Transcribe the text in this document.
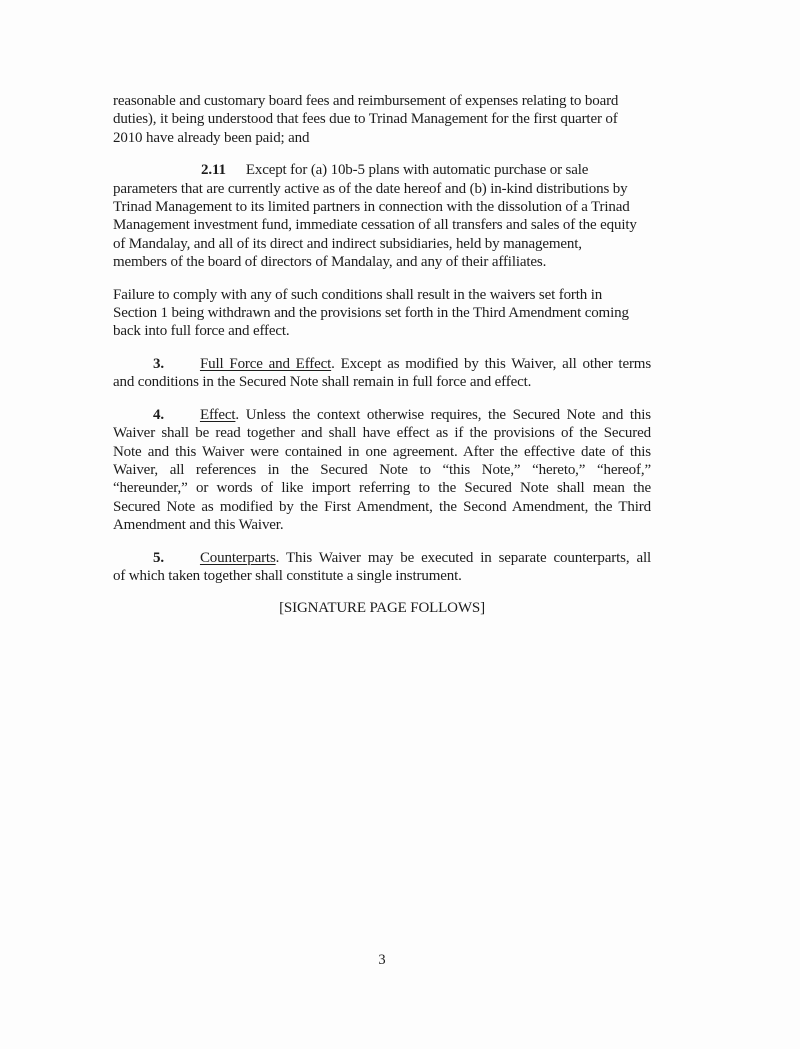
reasonable and customary board fees and reimbursement of expenses relating to board
duties), it being understood that fees due to Trinad Management for the first quarter of
2010 have already been paid; and
2.11 Except for (a) 10b-5 plans with automatic purchase or sale
parameters that are currently active as of the date hereof and (b) in-kind distributions by
Trinad Management to its limited partners in connection with the dissolution of a Trinad
Management investment fund, immediate cessation of all transfers and sales of the equity
of Mandalay, and all of its direct and indirect subsidiaries, held by management,
members of the board of directors of Mandalay, and any of their affiliates.
Failure to comply with any of such conditions shall result in the waivers set forth in
Section 1 being withdrawn and the provisions set forth in the Third Amendment coming
back into full force and effect.
3. Full Force and Effect. Except as modified by this Waiver, all other terms
and conditions in the Secured Note shall remain in full force and effect.
4. Effect. Unless the context otherwise requires, the Secured Note and this
Waiver shall be read together and shall have effect as if the provisions of the Secured
Note and this Waiver were contained in one agreement. After the effective date of this
Waiver, all references in the Secured Note to “this Note,” “hereto,” “hereof,”
“hereunder,” or words of like import referring to the Secured Note shall mean the
Secured Note as modified by the First Amendment, the Second Amendment, the Third
Amendment and this Waiver.
5. Counterparts. This Waiver may be executed in separate counterparts, all
of which taken together shall constitute a single instrument.
[SIGNATURE PAGE FOLLOWS]
3
